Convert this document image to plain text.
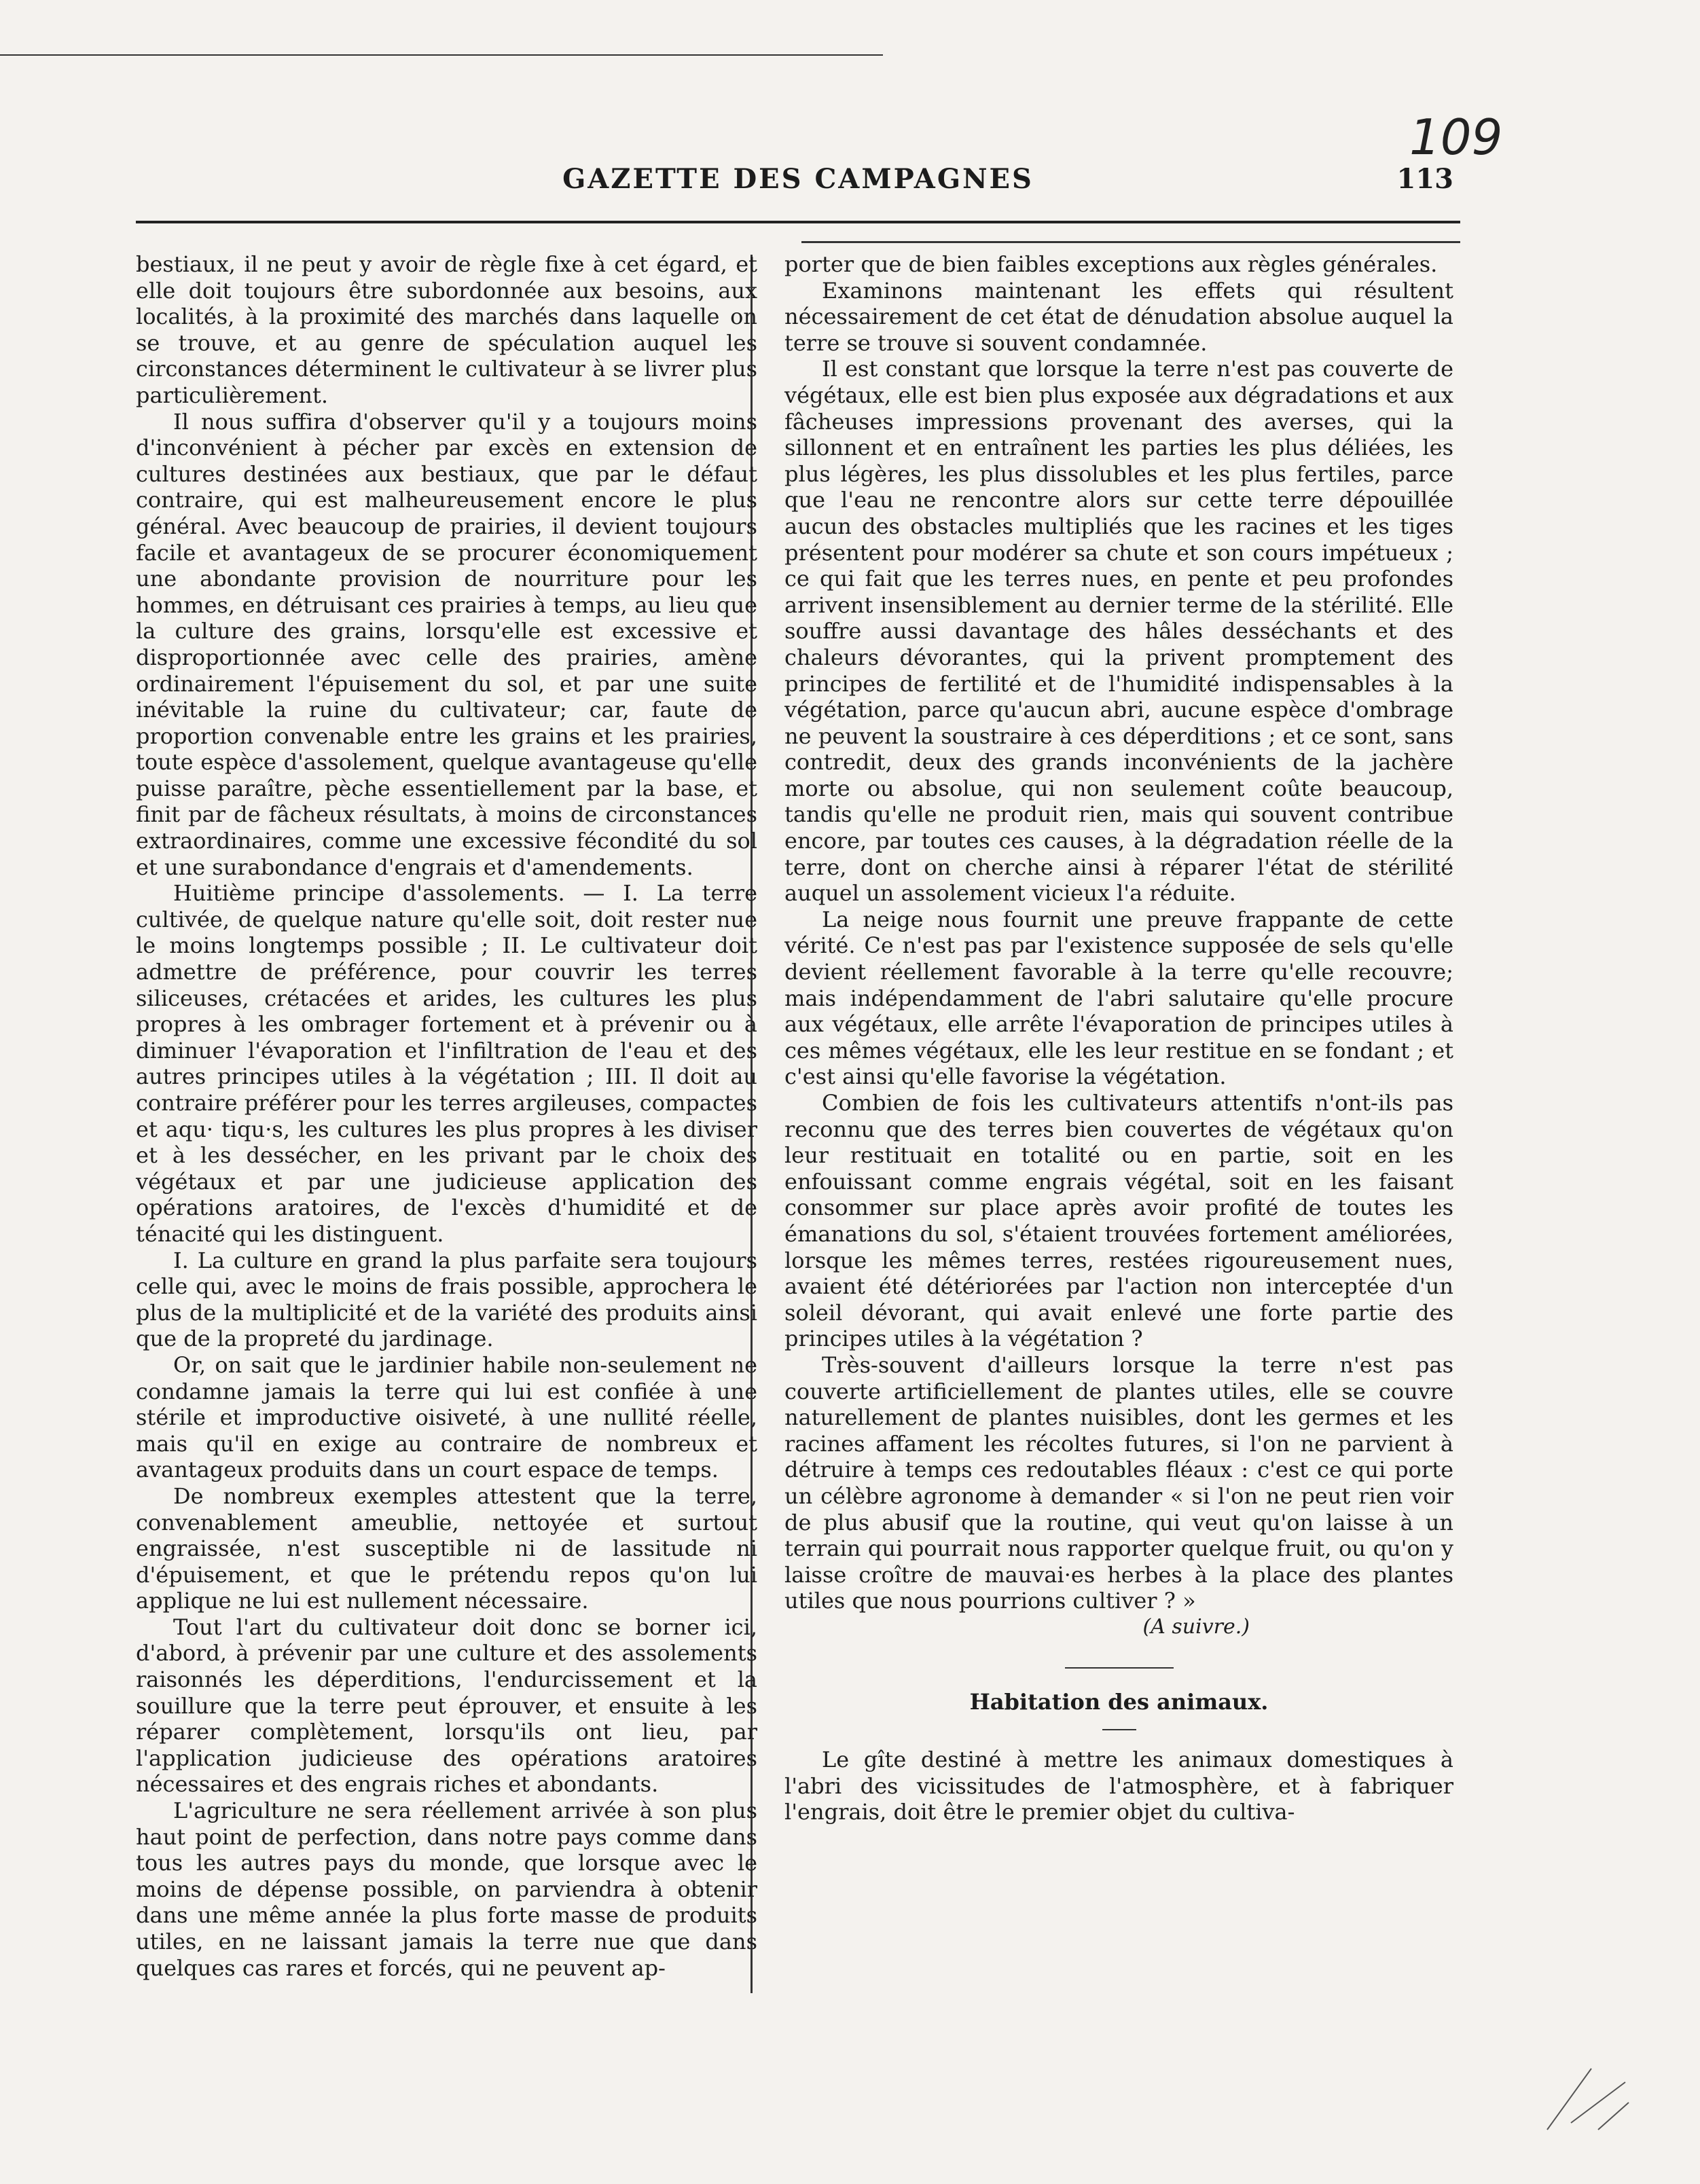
109
GAZETTE DES CAMPAGNES	113

bestiaux, il ne peut y avoir de règle fixe à cet égard, et elle doit toujours être subordonnée aux besoins, aux localités, à la proximité des marchés dans laquelle on se trouve, et au genre de spéculation auquel les circonstances déterminent le cultivateur à se livrer plus particulièrement.

Il nous suffira d'observer qu'il y a toujours moins d'inconvénient à pécher par excès en extension de cultures destinées aux bestiaux, que par le défaut contraire, qui est malheureusement encore le plus général. Avec beaucoup de prairies, il devient toujours facile et avantageux de se procurer économiquement une abondante provision de nourriture pour les hommes, en détruisant ces prairies à temps, au lieu que la culture des grains, lorsqu'elle est excessive et disproportionnée avec celle des prairies, amène ordinairement l'épuisement du sol, et par une suite inévitable la ruine du cultivateur; car, faute de proportion convenable entre les grains et les prairies, toute espèce d'assolement, quelque avantageuse qu'elle puisse paraître, pèche essentiellement par la base, et finit par de fâcheux résultats, à moins de circonstances extraordinaires, comme une excessive fécondité du sol et une surabondance d'engrais et d'amendements.

Huitième principe d'assolements. — I. La terre cultivée, de quelque nature qu'elle soit, doit rester nue le moins longtemps possible ; II. Le cultivateur doit admettre de préférence, pour couvrir les terres siliceuses, crétacées et arides, les cultures les plus propres à les ombrager fortement et à prévenir ou à diminuer l'évaporation et l'infiltration de l'eau et des autres principes utiles à la végétation ; III. Il doit au contraire préférer pour les terres argileuses, compactes et aqu· tiqu·s, les cultures les plus propres à les diviser et à les dessécher, en les privant par le choix des végétaux et par une judicieuse application des opérations aratoires, de l'excès d'humidité et de ténacité qui les distinguent.

I. La culture en grand la plus parfaite sera toujours celle qui, avec le moins de frais possible, approchera le plus de la multiplicité et de la variété des produits ainsi que de la propreté du jardinage.

Or, on sait que le jardinier habile non-seulement ne condamne jamais la terre qui lui est confiée à une stérile et improductive oisiveté, à une nullité réelle, mais qu'il en exige au contraire de nombreux et avantageux produits dans un court espace de temps.

De nombreux exemples attestent que la terre, convenablement ameublie, nettoyée et surtout engraissée, n'est susceptible ni de lassitude ni d'épuisement, et que le prétendu repos qu'on lui applique ne lui est nullement nécessaire.

Tout l'art du cultivateur doit donc se borner ici, d'abord, à prévenir par une culture et des assolements raisonnés les déperditions, l'endurcissement et la souillure que la terre peut éprouver, et ensuite à les réparer complètement, lorsqu'ils ont lieu, par l'application judicieuse des opérations aratoires nécessaires et des engrais riches et abondants.

L'agriculture ne sera réellement arrivée à son plus haut point de perfection, dans notre pays comme dans tous les autres pays du monde, que lorsque avec le moins de dépense possible, on parviendra à obtenir dans une même année la plus forte masse de produits utiles, en ne laissant jamais la terre nue que dans quelques cas rares et forcés, qui ne peuvent ap-

porter que de bien faibles exceptions aux règles générales.

Examinons maintenant les effets qui résultent nécessairement de cet état de dénudation absolue auquel la terre se trouve si souvent condamnée.

Il est constant que lorsque la terre n'est pas couverte de végétaux, elle est bien plus exposée aux dégradations et aux fâcheuses impressions provenant des averses, qui la sillonnent et en entraînent les parties les plus déliées, les plus légères, les plus dissolubles et les plus fertiles, parce que l'eau ne rencontre alors sur cette terre dépouillée aucun des obstacles multipliés que les racines et les tiges présentent pour modérer sa chute et son cours impétueux ; ce qui fait que les terres nues, en pente et peu profondes arrivent insensiblement au dernier terme de la stérilité. Elle souffre aussi davantage des hâles desséchants et des chaleurs dévorantes, qui la privent promptement des principes de fertilité et de l'humidité indispensables à la végétation, parce qu'aucun abri, aucune espèce d'ombrage ne peuvent la soustraire à ces déperditions ; et ce sont, sans contredit, deux des grands inconvénients de la jachère morte ou absolue, qui non seulement coûte beaucoup, tandis qu'elle ne produit rien, mais qui souvent contribue encore, par toutes ces causes, à la dégradation réelle de la terre, dont on cherche ainsi à réparer l'état de stérilité auquel un assolement vicieux l'a réduite.

La neige nous fournit une preuve frappante de cette vérité. Ce n'est pas par l'existence supposée de sels qu'elle devient réellement favorable à la terre qu'elle recouvre; mais indépendamment de l'abri salutaire qu'elle procure aux végétaux, elle arrête l'évaporation de principes utiles à ces mêmes végétaux, elle les leur restitue en se fondant ; et c'est ainsi qu'elle favorise la végétation.

Combien de fois les cultivateurs attentifs n'ont-ils pas reconnu que des terres bien couvertes de végétaux qu'on leur restituait en totalité ou en partie, soit en les enfouissant comme engrais végétal, soit en les faisant consommer sur place après avoir profité de toutes les émanations du sol, s'étaient trouvées fortement améliorées, lorsque les mêmes terres, restées rigoureusement nues, avaient été détériorées par l'action non interceptée d'un soleil dévorant, qui avait enlevé une forte partie des principes utiles à la végétation ?

Très-souvent d'ailleurs lorsque la terre n'est pas couverte artificiellement de plantes utiles, elle se couvre naturellement de plantes nuisibles, dont les germes et les racines affament les récoltes futures, si l'on ne parvient à détruire à temps ces redoutables fléaux : c'est ce qui porte un célèbre agronome à demander « si l'on ne peut rien voir de plus abusif que la routine, qui veut qu'on laisse à un terrain qui pourrait nous rapporter quelque fruit, ou qu'on y laisse croître de mauvai·es herbes à la place des plantes utiles que nous pourrions cultiver ? »

(A suivre.)
Habitation des animaux.

Le gîte destiné à mettre les animaux domestiques à l'abri des vicissitudes de l'atmosphère, et à fabriquer l'engrais, doit être le premier objet du cultiva-
